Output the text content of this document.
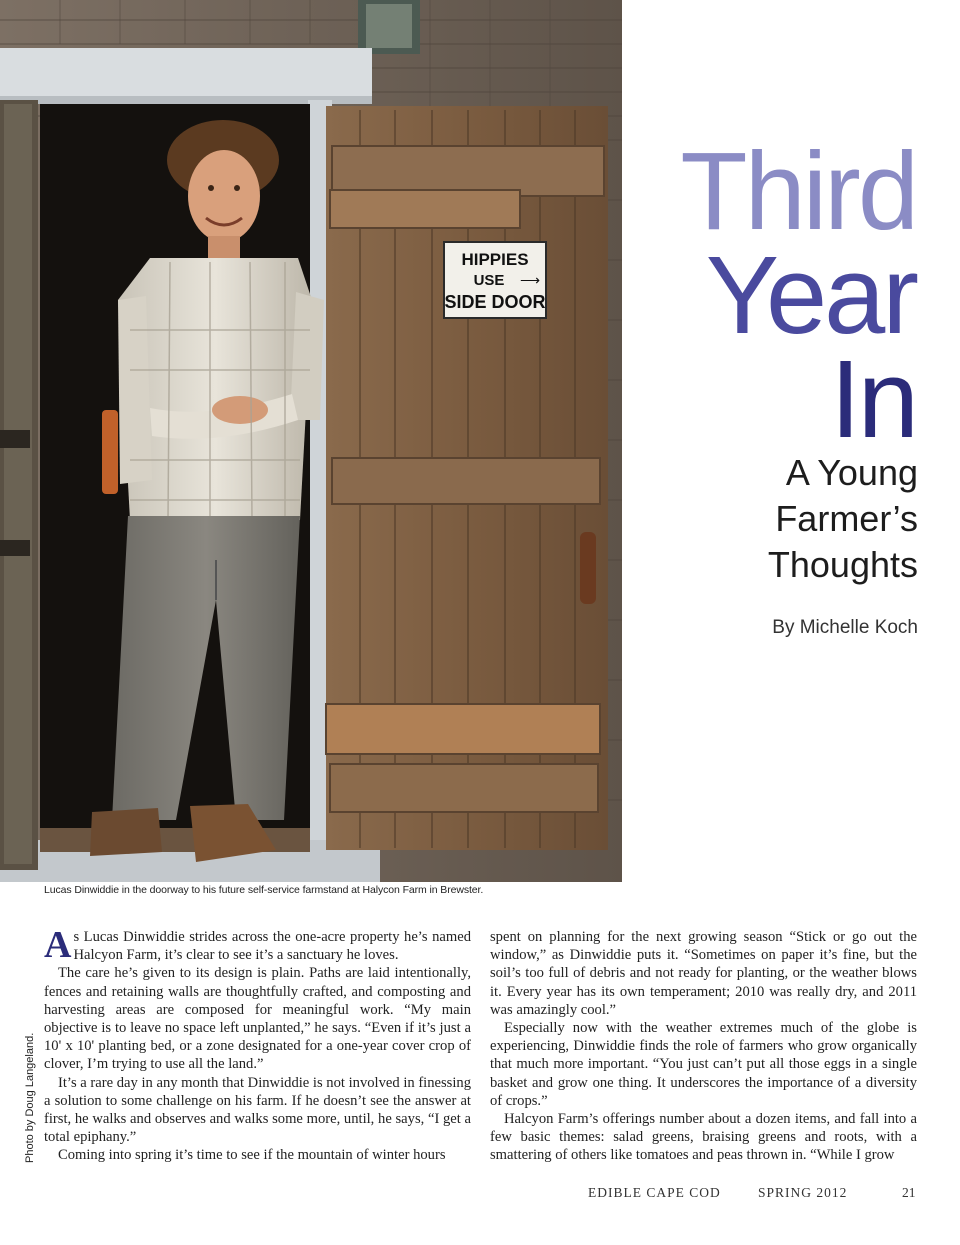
HIPPIES
USE ⟶
SIDE DOOR
Lucas Dinwiddie in the doorway to his future self-service farmstand at Halycon Farm in Brewster.
Photo by Doug Langeland.
Third
Year
In
A Young
Farmer’s
Thoughts
By Michelle Koch

As Lucas Dinwiddie strides across the one-acre property he’s named Halcyon Farm, it’s clear to see it’s a sanctuary he loves.

The care he’s given to its design is plain. Paths are laid intentionally, fences and retaining walls are thoughtfully crafted, and composting and harvesting areas are composed for meaningful work. “My main objective is to leave no space left unplanted,” he says. “Even if it’s just a 10' x 10' planting bed, or a zone designated for a one-year cover crop of clover, I’m trying to use all the land.”

It’s a rare day in any month that Dinwiddie is not involved in finessing a solution to some challenge on his farm. If he doesn’t see the answer at first, he walks and observes and walks some more, until, he says, “I get a total epiphany.”

Coming into spring it’s time to see if the mountain of winter hours

spent on planning for the next growing season “Stick or go out the window,” as Dinwiddie puts it. “Sometimes on paper it’s fine, but the soil’s too full of debris and not ready for planting, or the weather blows it. Every year has its own temperament; 2010 was really dry, and 2011 was amazingly cool.”

Especially now with the weather extremes much of the globe is experiencing, Dinwiddie finds the role of farmers who grow organically that much more important. “You just can’t put all those eggs in a single basket and grow one thing. It underscores the importance of a diversity of crops.”

Halcyon Farm’s offerings number about a dozen items, and fall into a few basic themes: salad greens, braising greens and roots, with a smattering of others like tomatoes and peas thrown in. “While I grow

EDIBLE CAPE COD	SPRING 2012	21
